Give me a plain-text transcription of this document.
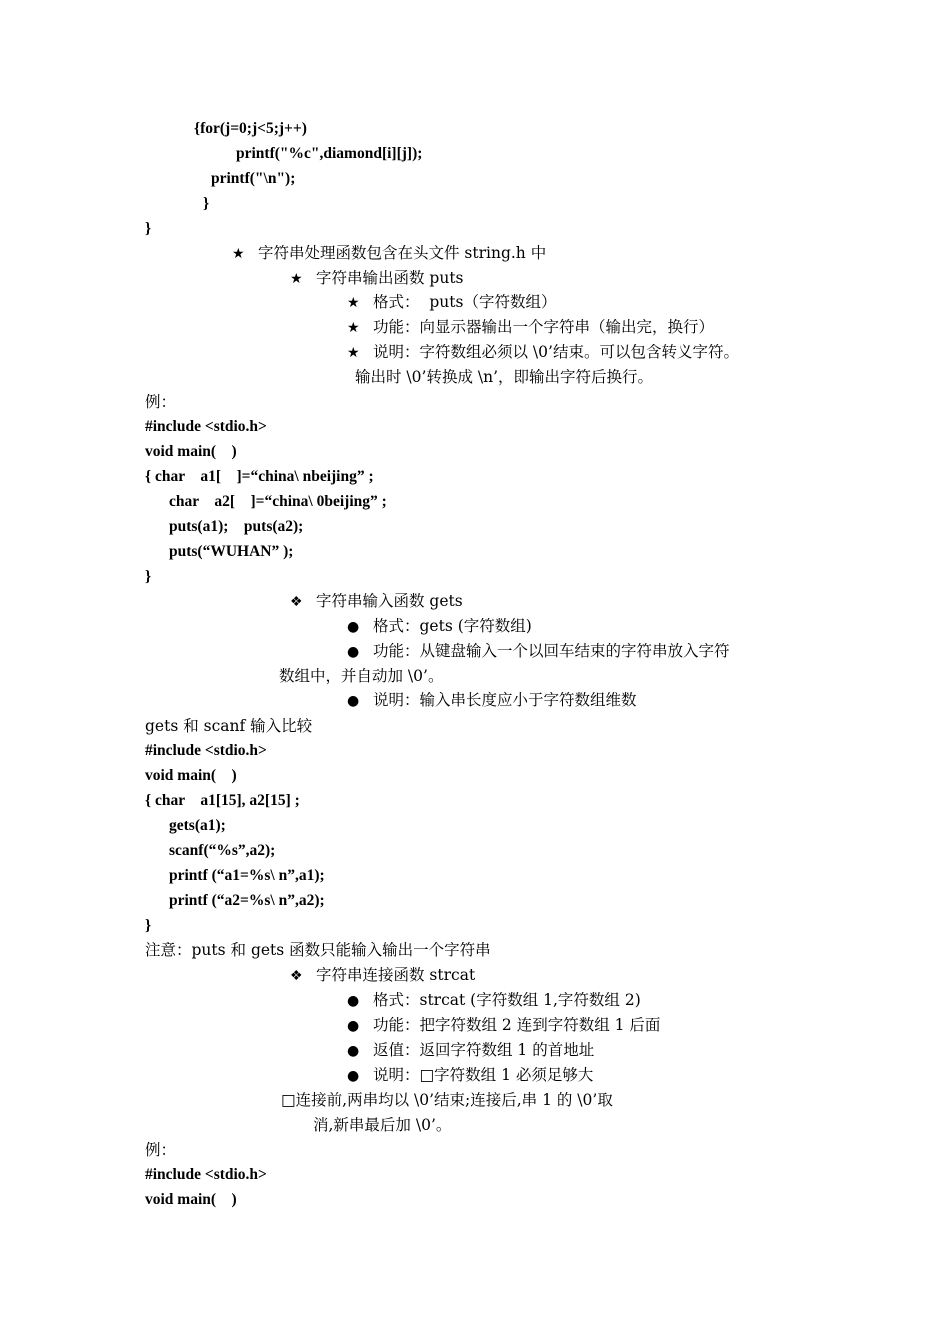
{for(j=0;j<5;j++)
printf("%c",diamond[i][j]);
printf("\n");
}
}
★ 字符串处理函数包含在头文件 string.h 中
★ 字符串输出函数 puts
★ 格式：  puts（字符数组）
★ 功能：向显示器输出一个字符串（输出完，换行）
★ 说明：字符数组必须以 \0’结束。可以包含转义字符。
输出时 \0’转换成 \n’，即输出字符后换行。
例：
#include <stdio.h>
void main(    )
{ char    a1[    ]=“china\ nbeijing” ;
char    a2[    ]=“china\ 0beijing” ;
puts(a1);    puts(a2);
puts(“WUHAN” );
}
❖ 字符串输入函数 gets
● 格式：gets (字符数组)
● 功能：从键盘输入一个以回车结束的字符串放入字符
数组中，并自动加 \0’。
● 说明：输入串长度应小于字符数组维数
gets 和 scanf 输入比较
#include <stdio.h>
void main(    )
{ char    a1[15], a2[15] ;
gets(a1);
scanf(“%s”,a2);
printf (“a1=%s\ n”,a1);
printf (“a2=%s\ n”,a2);
}
注意：puts 和 gets 函数只能输入输出一个字符串
❖ 字符串连接函数 strcat
● 格式：strcat (字符数组 1,字符数组 2)
● 功能：把字符数组 2 连到字符数组 1 后面
● 返值：返回字符数组 1 的首地址
● 说明：□字符数组 1 必须足够大
□连接前,两串均以 \0’结束;连接后,串 1 的 \0’取
消,新串最后加 \0’。
例：
#include <stdio.h>
void main(    )
